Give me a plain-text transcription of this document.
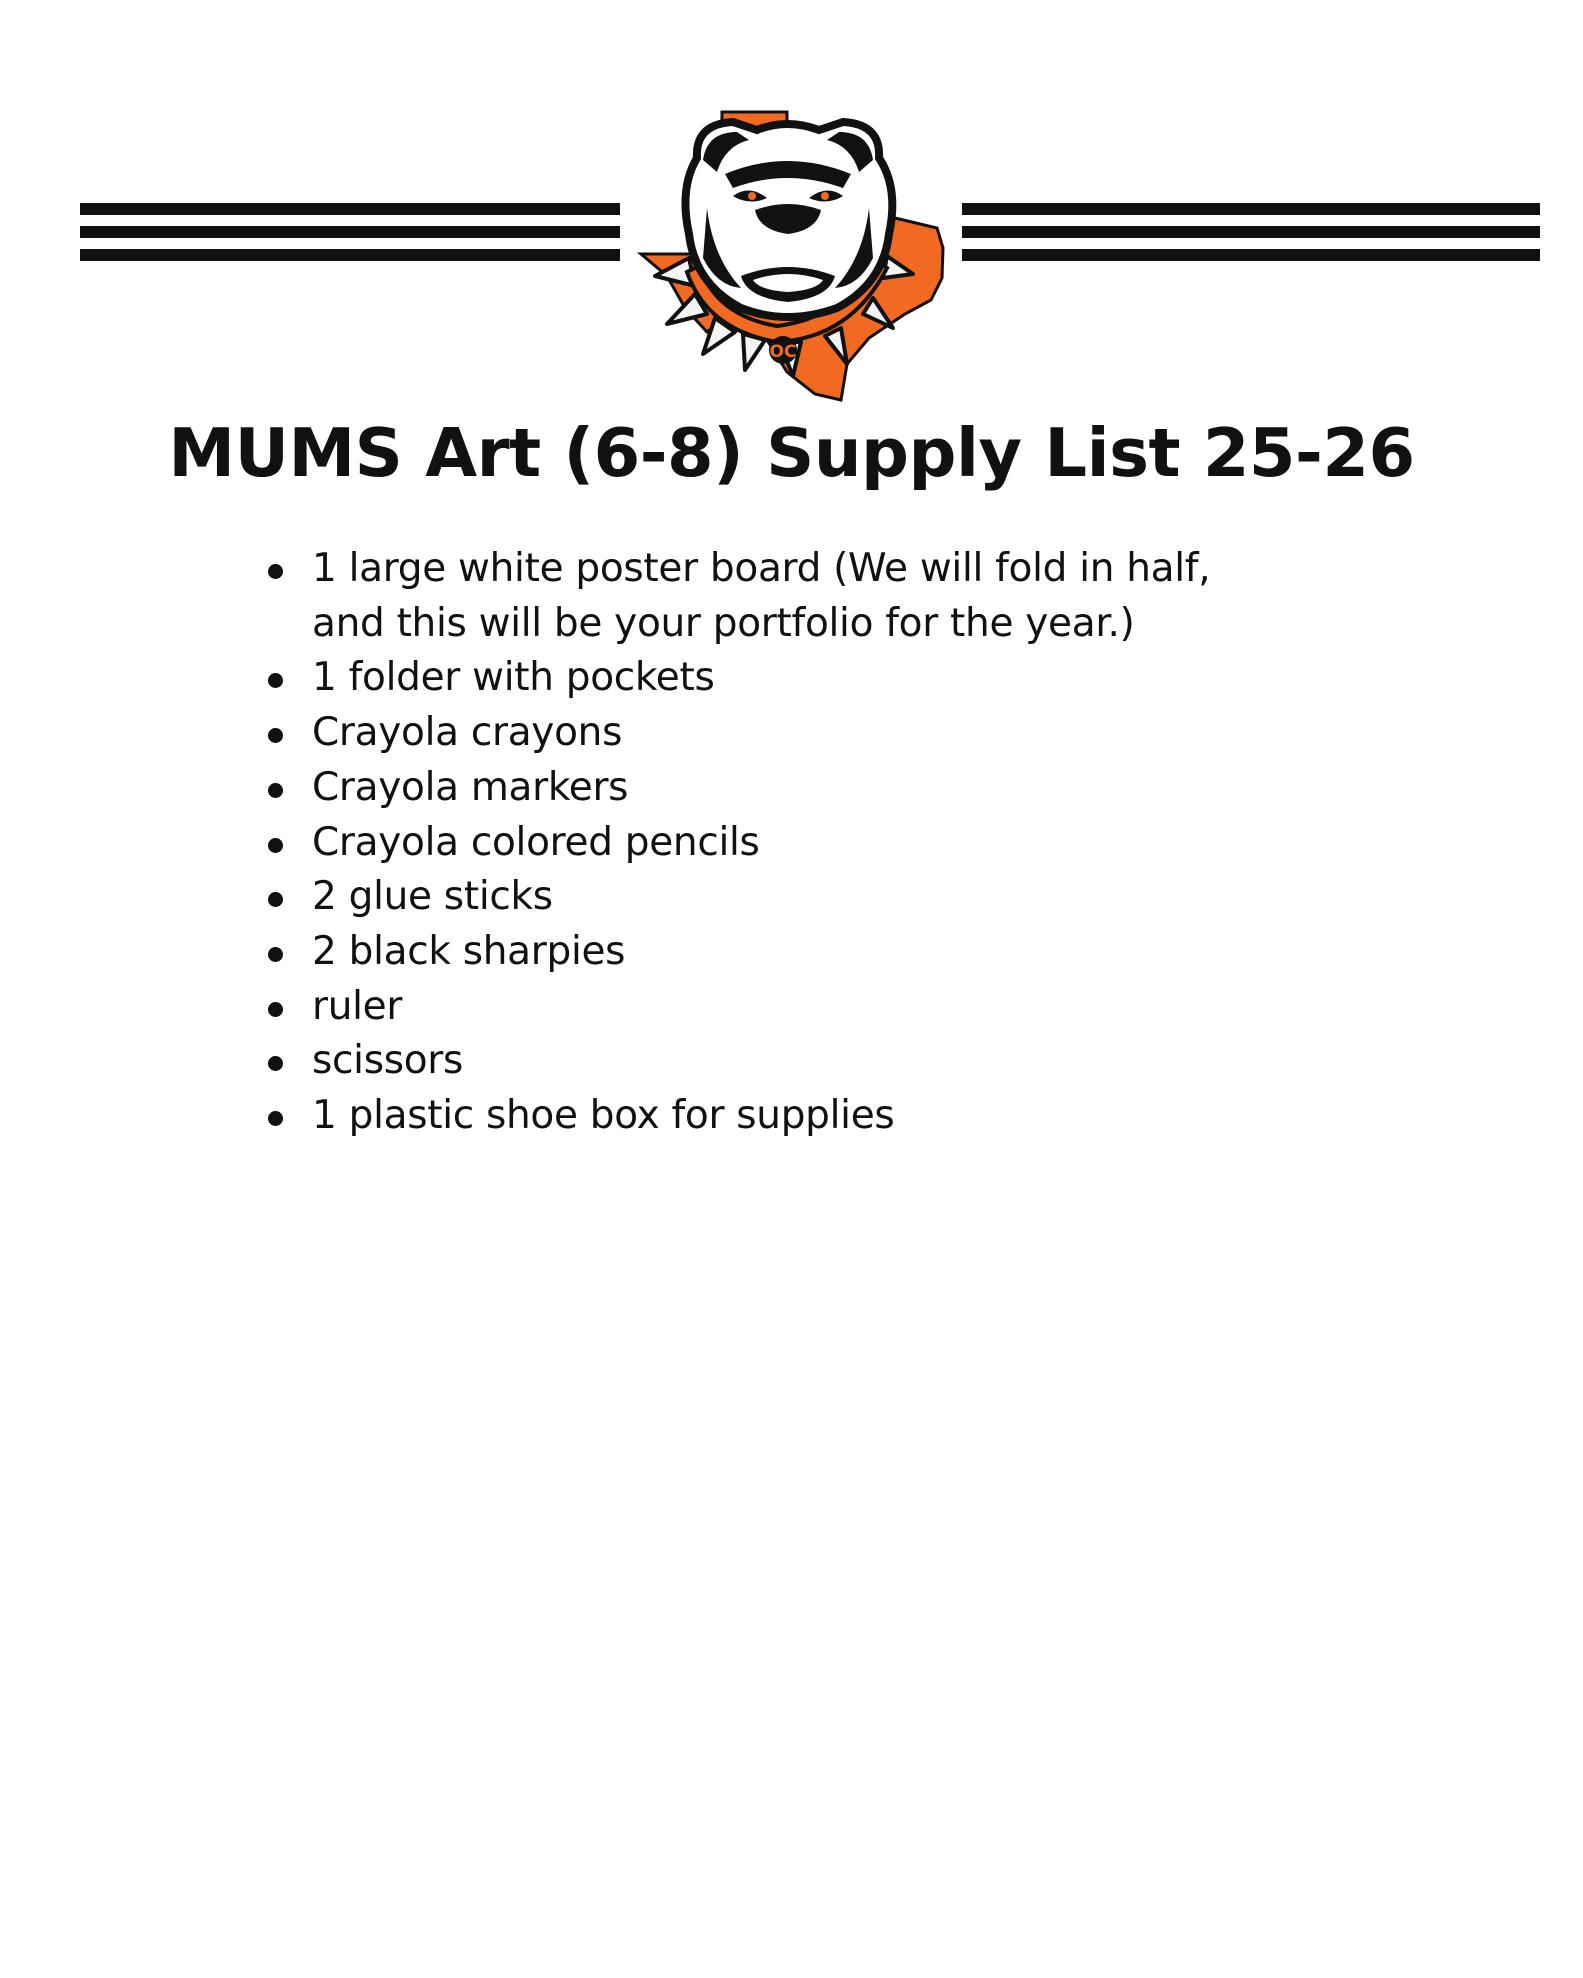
OC
MUMS Art (6-8) Supply List 25-26
1 large white poster board (We will fold in half,
and this will be your portfolio for the year.)
1 folder with pockets
Crayola crayons
Crayola markers
Crayola colored pencils
2 glue sticks
2 black sharpies
ruler
scissors
1 plastic shoe box for supplies
